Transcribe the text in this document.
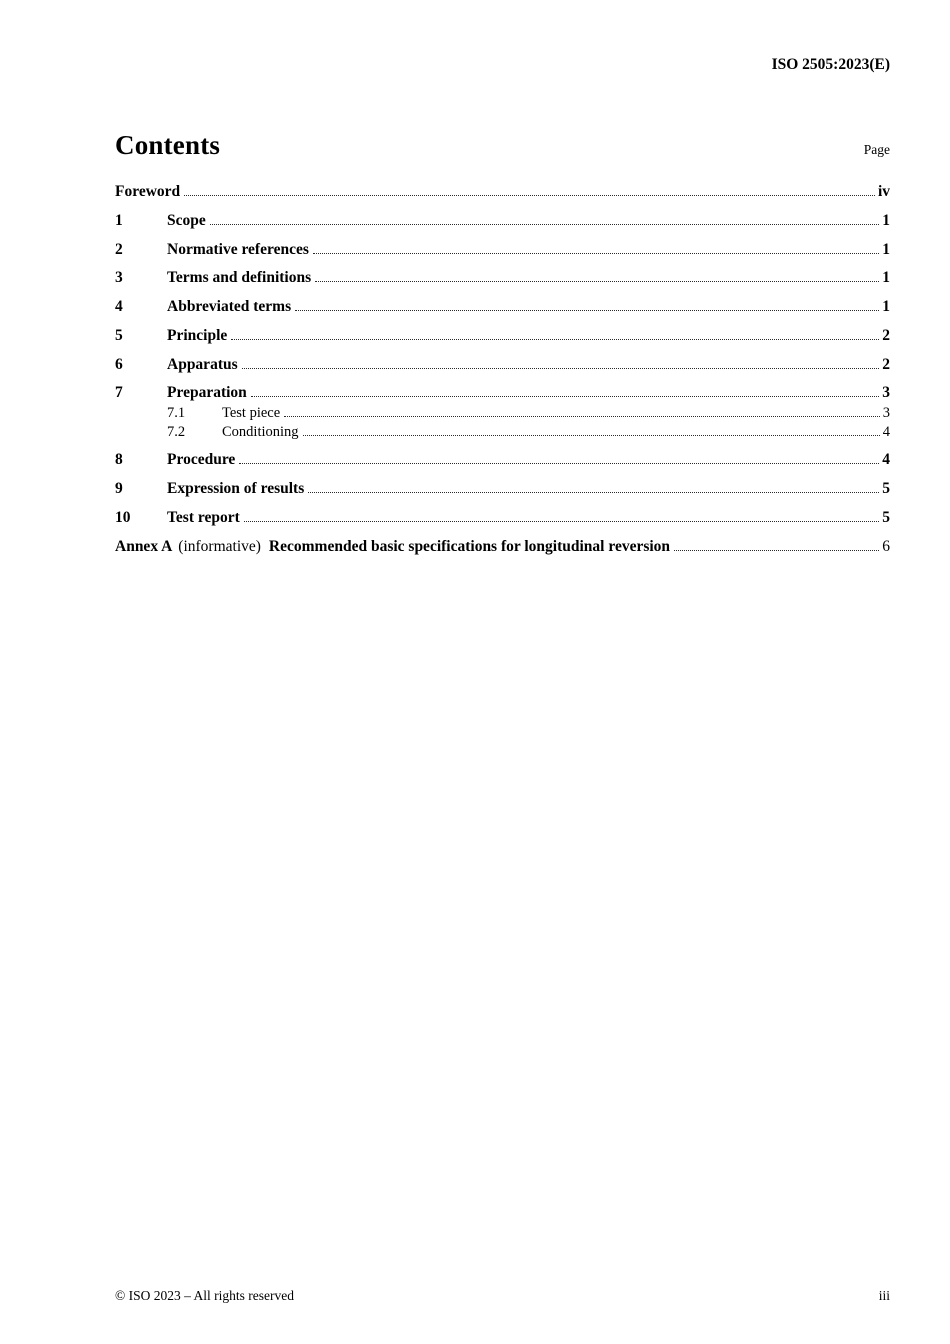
ISO 2505:2023(E)
Contents	Page
Foreword	iv
1	Scope	1
2	Normative references	1
3	Terms and definitions	1
4	Abbreviated terms	1
5	Principle	2
6	Apparatus	2
7	Preparation	3
7.1	Test piece	3
7.2	Conditioning	4
8	Procedure	4
9	Expression of results	5
10	Test report	5
Annex A (informative) Recommended basic specifications for longitudinal reversion	6
© ISO 2023 – All rights reserved	iii
